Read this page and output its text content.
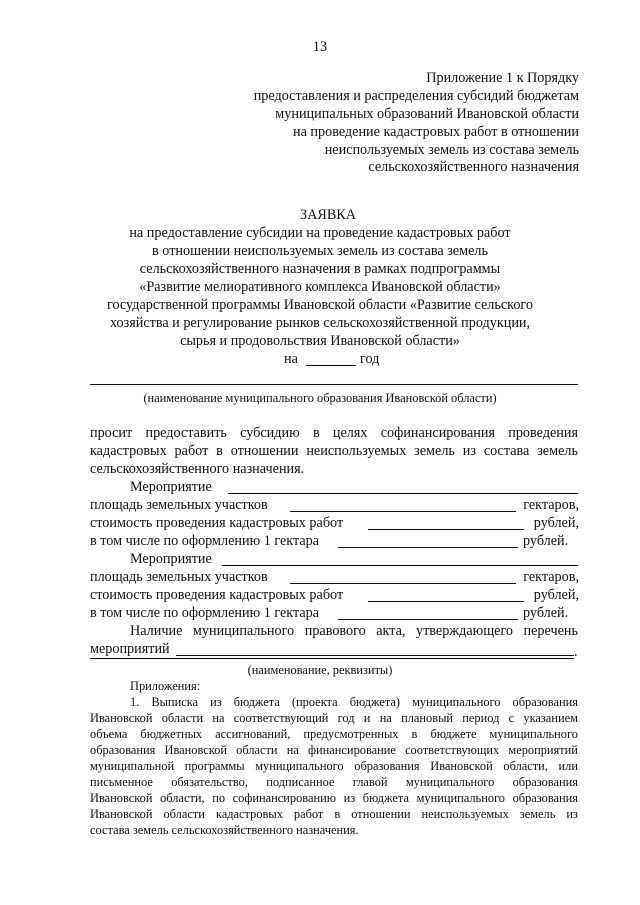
13
Приложение 1 к Порядку
предоставления и распределения субсидий бюджетам
муниципальных образований Ивановской области
на проведение кадастровых работ в отношении
неиспользуемых земель из состава земель
сельскохозяйственного назначения
ЗАЯВКА
на предоставление субсидии на проведение кадастровых работ
в отношении неиспользуемых земель из состава земель
сельскохозяйственного назначения в рамках подпрограммы
«Развитие мелиоративного комплекса Ивановской области»
государственной программы Ивановской области «Развитие сельского
хозяйства и регулирование рынков сельскохозяйственной продукции,
сырья и продовольствия Ивановской области»
на	год
(наименование муниципального образования Ивановской области)
просит предоставить субсидию в целях софинансирования проведения
кадастровых работ в отношении неиспользуемых земель из состава земель
сельскохозяйственного назначения.
Мероприятие
площадь земельных участков	гектаров,
стоимость проведения кадастровых работ	рублей,
в том числе по оформлению 1 гектара	рублей.
Мероприятие
площадь земельных участков	гектаров,
стоимость проведения кадастровых работ	рублей,
в том числе по оформлению 1 гектара	рублей.
Наличие муниципального правового акта, утверждающего перечень
мероприятий	.
(наименование, реквизиты)
Приложения:
1. Выписка из бюджета (проекта бюджета) муниципального образования
Ивановской области на соответствующий год и на плановый период с указанием
объема бюджетных ассигнований, предусмотренных в бюджете муниципального
образования Ивановской области на финансирование соответствующих мероприятий
муниципальной программы муниципального образования Ивановской области, или
письменное обязательство, подписанное главой муниципального образования
Ивановской области, по софинансированию из бюджета муниципального образования
Ивановской области кадастровых работ в отношении неиспользуемых земель из
состава земель сельскохозяйственного назначения.
